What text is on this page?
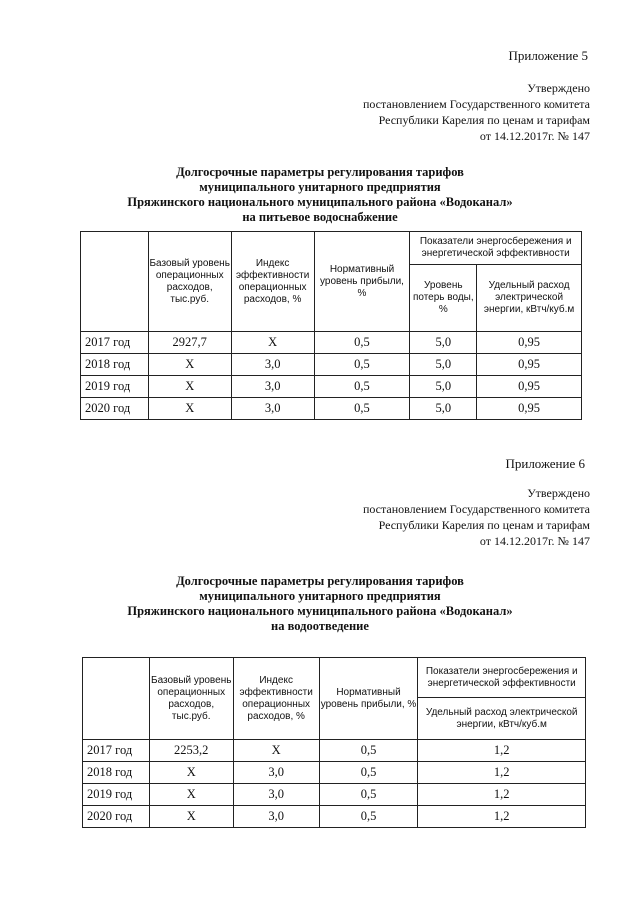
Приложение 5
Утверждено
постановлением Государственного комитета
Республики Карелия по ценам и тарифам
от 14.12.2017г. № 147
Долгосрочные параметры регулирования тарифов
муниципального унитарного предприятия
Пряжинского национального муниципального района «Водоканал»
на питьевое водоснабжение
	Базовый уровень операционных расходов, тыс.руб.	Индекс эффективности операционных расходов, %	Нормативный уровень прибыли, %	Показатели энергосбережения и энергетической эффективности	
				Уровень потерь воды, %	Удельный расход электрической энергии, кВтч/куб.м
2017 год	2927,7	Х	0,5	5,0	0,95
2018 год	Х	3,0	0,5	5,0	0,95
2019 год	Х	3,0	0,5	5,0	0,95
2020 год	Х	3,0	0,5	5,0	0,95
Приложение 6
Утверждено
постановлением Государственного комитета
Республики Карелия по ценам и тарифам
от 14.12.2017г. № 147
Долгосрочные параметры регулирования тарифов
муниципального унитарного предприятия
Пряжинского национального муниципального района «Водоканал»
на водоотведение
	Базовый уровень операционных расходов, тыс.руб.	Индекс эффективности операционных расходов, %	Нормативный уровень прибыли, %	Показатели энергосбережения и энергетической эффективности
				Удельный расход электрической энергии, кВтч/куб.м
2017 год	2253,2	Х	0,5	1,2
2018 год	Х	3,0	0,5	1,2
2019 год	Х	3,0	0,5	1,2
2020 год	Х	3,0	0,5	1,2
